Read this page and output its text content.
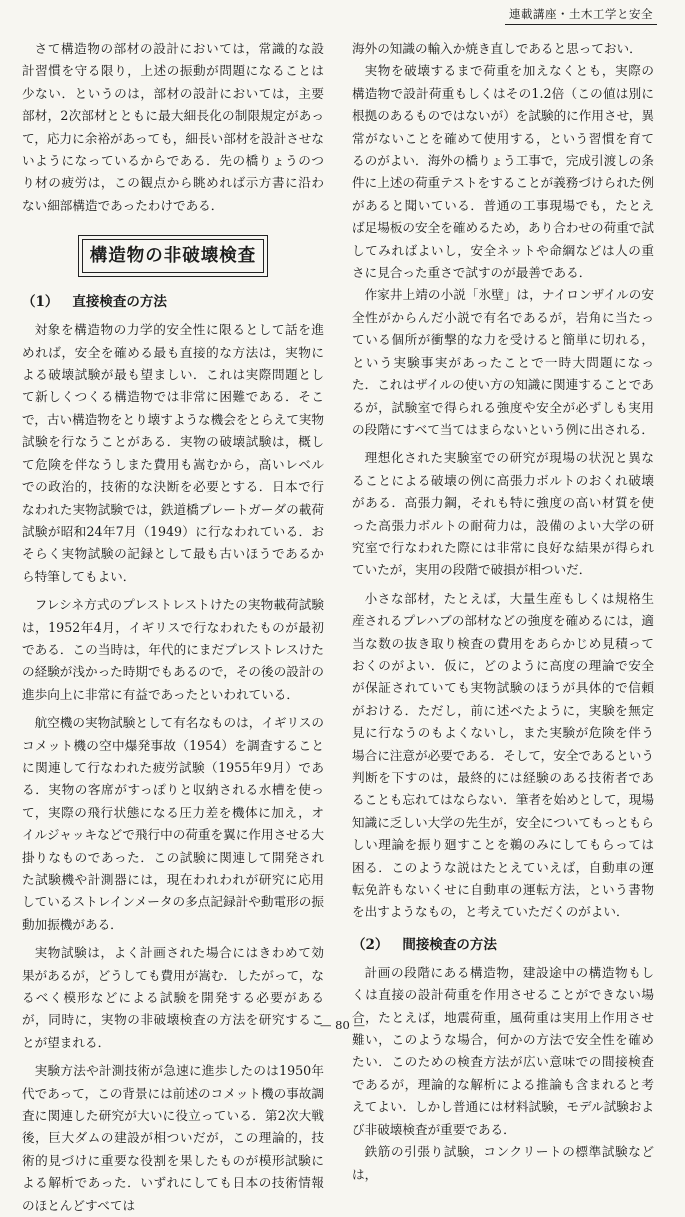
連載講座・土木工学と安全

さて構造物の部材の設計においては，常識的な設計習慣を守る限り，上述の振動が問題になることは少ない．というのは，部材の設計においては，主要部材，2次部材とともに最大細長化の制限規定があって，応力に余裕があっても，細長い部材を設計させないようになっているからである．先の橋りょうのつり材の疲労は，この観点から眺めれば示方書に沿わない細部構造であったわけである．

構造物の非破壊検査
（1） 直接検査の方法

対象を構造物の力学的安全性に限るとして話を進めれば，安全を確める最も直接的な方法は，実物による破壊試験が最も望ましい．これは実際問題として新しくつくる構造物では非常に困難である．そこで，古い構造物をとり壊すような機会をとらえて実物試験を行なうことがある．実物の破壊試験は，概して危険を伴なうしまた費用も嵩むから，高いレベルでの政治的，技術的な決断を必要とする．日本で行なわれた実物試験では，鉄道橋プレートガーダの載荷試験が昭和24年7月（1949）に行なわれている．おそらく実物試験の記録として最も古いほうであるから特筆してもよい．

フレシネ方式のプレストレストけたの実物載荷試験は，1952年4月，イギリスで行なわれたものが最初である．この当時は，年代的にまだプレストレスけたの経験が浅かった時期でもあるので，その後の設計の進歩向上に非常に有益であったといわれている．

航空機の実物試験として有名なものは，イギリスのコメット機の空中爆発事故（1954）を調査することに関連して行なわれた疲労試験（1955年9月）である．実物の客席がすっぽりと収納される水槽を使って，実際の飛行状態になる圧力差を機体に加え，オイルジャッキなどで飛行中の荷重を翼に作用させる大掛りなものであった．この試験に関連して開発された試験機や計測器には，現在われわれが研究に応用しているストレインメータの多点記録計や動電形の振動加振機がある．

実物試験は，よく計画された場合にはきわめて効果があるが，どうしても費用が嵩む．したがって，なるべく模形などによる試験を開発する必要があるが，同時に，実物の非破壊検査の方法を研究することが望まれる．

実験方法や計測技術が急速に進歩したのは1950年代であって，この背景には前述のコメット機の事故調査に関連した研究が大いに役立っている．第2次大戦後，巨大ダムの建設が相ついだが，この理論的，技術的見づけに重要な役割を果したものが模形試験による解析であった．いずれにしても日本の技術情報のほとんどすべては

海外の知識の輸入か焼き直しであると思っておい．

実物を破壊するまで荷重を加えなくとも，実際の構造物で設計荷重もしくはその1.2倍（この値は別に根拠のあるものではないが）を試験的に作用させ，異常がないことを確めて使用する，という習慣を育てるのがよい．海外の橋りょう工事で，完成引渡しの条件に上述の荷重テストをすることが義務づけられた例があると聞いている．普通の工事現場でも，たとえば足場板の安全を確めるため，あり合わせの荷重で試してみればよいし，安全ネットや命綱などは人の重さに見合った重さで試すのが最善である．

作家井上靖の小説「氷壁」は，ナイロンザイルの安全性がからんだ小説で有名であるが，岩角に当たっている個所が衝撃的な力を受けると簡単に切れる，という実験事実があったことで一時大問題になった．これはザイルの使い方の知識に関連することであるが，試験室で得られる強度や安全が必ずしも実用の段階にすべて当てはまらないという例に出される．

理想化された実験室での研究が現場の状況と異なることによる破壊の例に高張力ボルトのおくれ破壊がある．高張力鋼，それも特に強度の高い材質を使った高張力ボルトの耐荷力は，設備のよい大学の研究室で行なわれた際には非常に良好な結果が得られていたが，実用の段階で破損が相ついだ．

小さな部材，たとえば，大量生産もしくは規格生産されるプレハブの部材などの強度を確めるには，適当な数の抜き取り検査の費用をあらかじめ見積っておくのがよい．仮に，どのように高度の理論で安全が保証されていても実物試験のほうが具体的で信頼がおける．ただし，前に述べたように，実験を無定見に行なうのもよくないし，また実験が危険を伴う場合に注意が必要である．そして，安全であるという判断を下すのは，最終的には経験のある技術者であることも忘れてはならない．筆者を始めとして，現場知識に乏しい大学の先生が，安全についてもっともらしい理論を振り廻すことを鵜のみにしてもらっては困る．このような説はたとえていえば，自動車の運転免許もないくせに自動車の運転方法，という書物を出すようなもの，と考えていただくのがよい．

（2） 間接検査の方法

計画の段階にある構造物，建設途中の構造物もしくは直接の設計荷重を作用させることができない場合，たとえば，地震荷重，風荷重は実用上作用させ難い，このような場合，何かの方法で安全性を確めたい．このための検査方法が広い意味での間接検査であるが，理論的な解析による推論も含まれると考えてよい．しかし普通には材料試験，モデル試験および非破壊検査が重要である．

鉄筋の引張り試験，コンクリートの標準試験などは，

— 80 —
